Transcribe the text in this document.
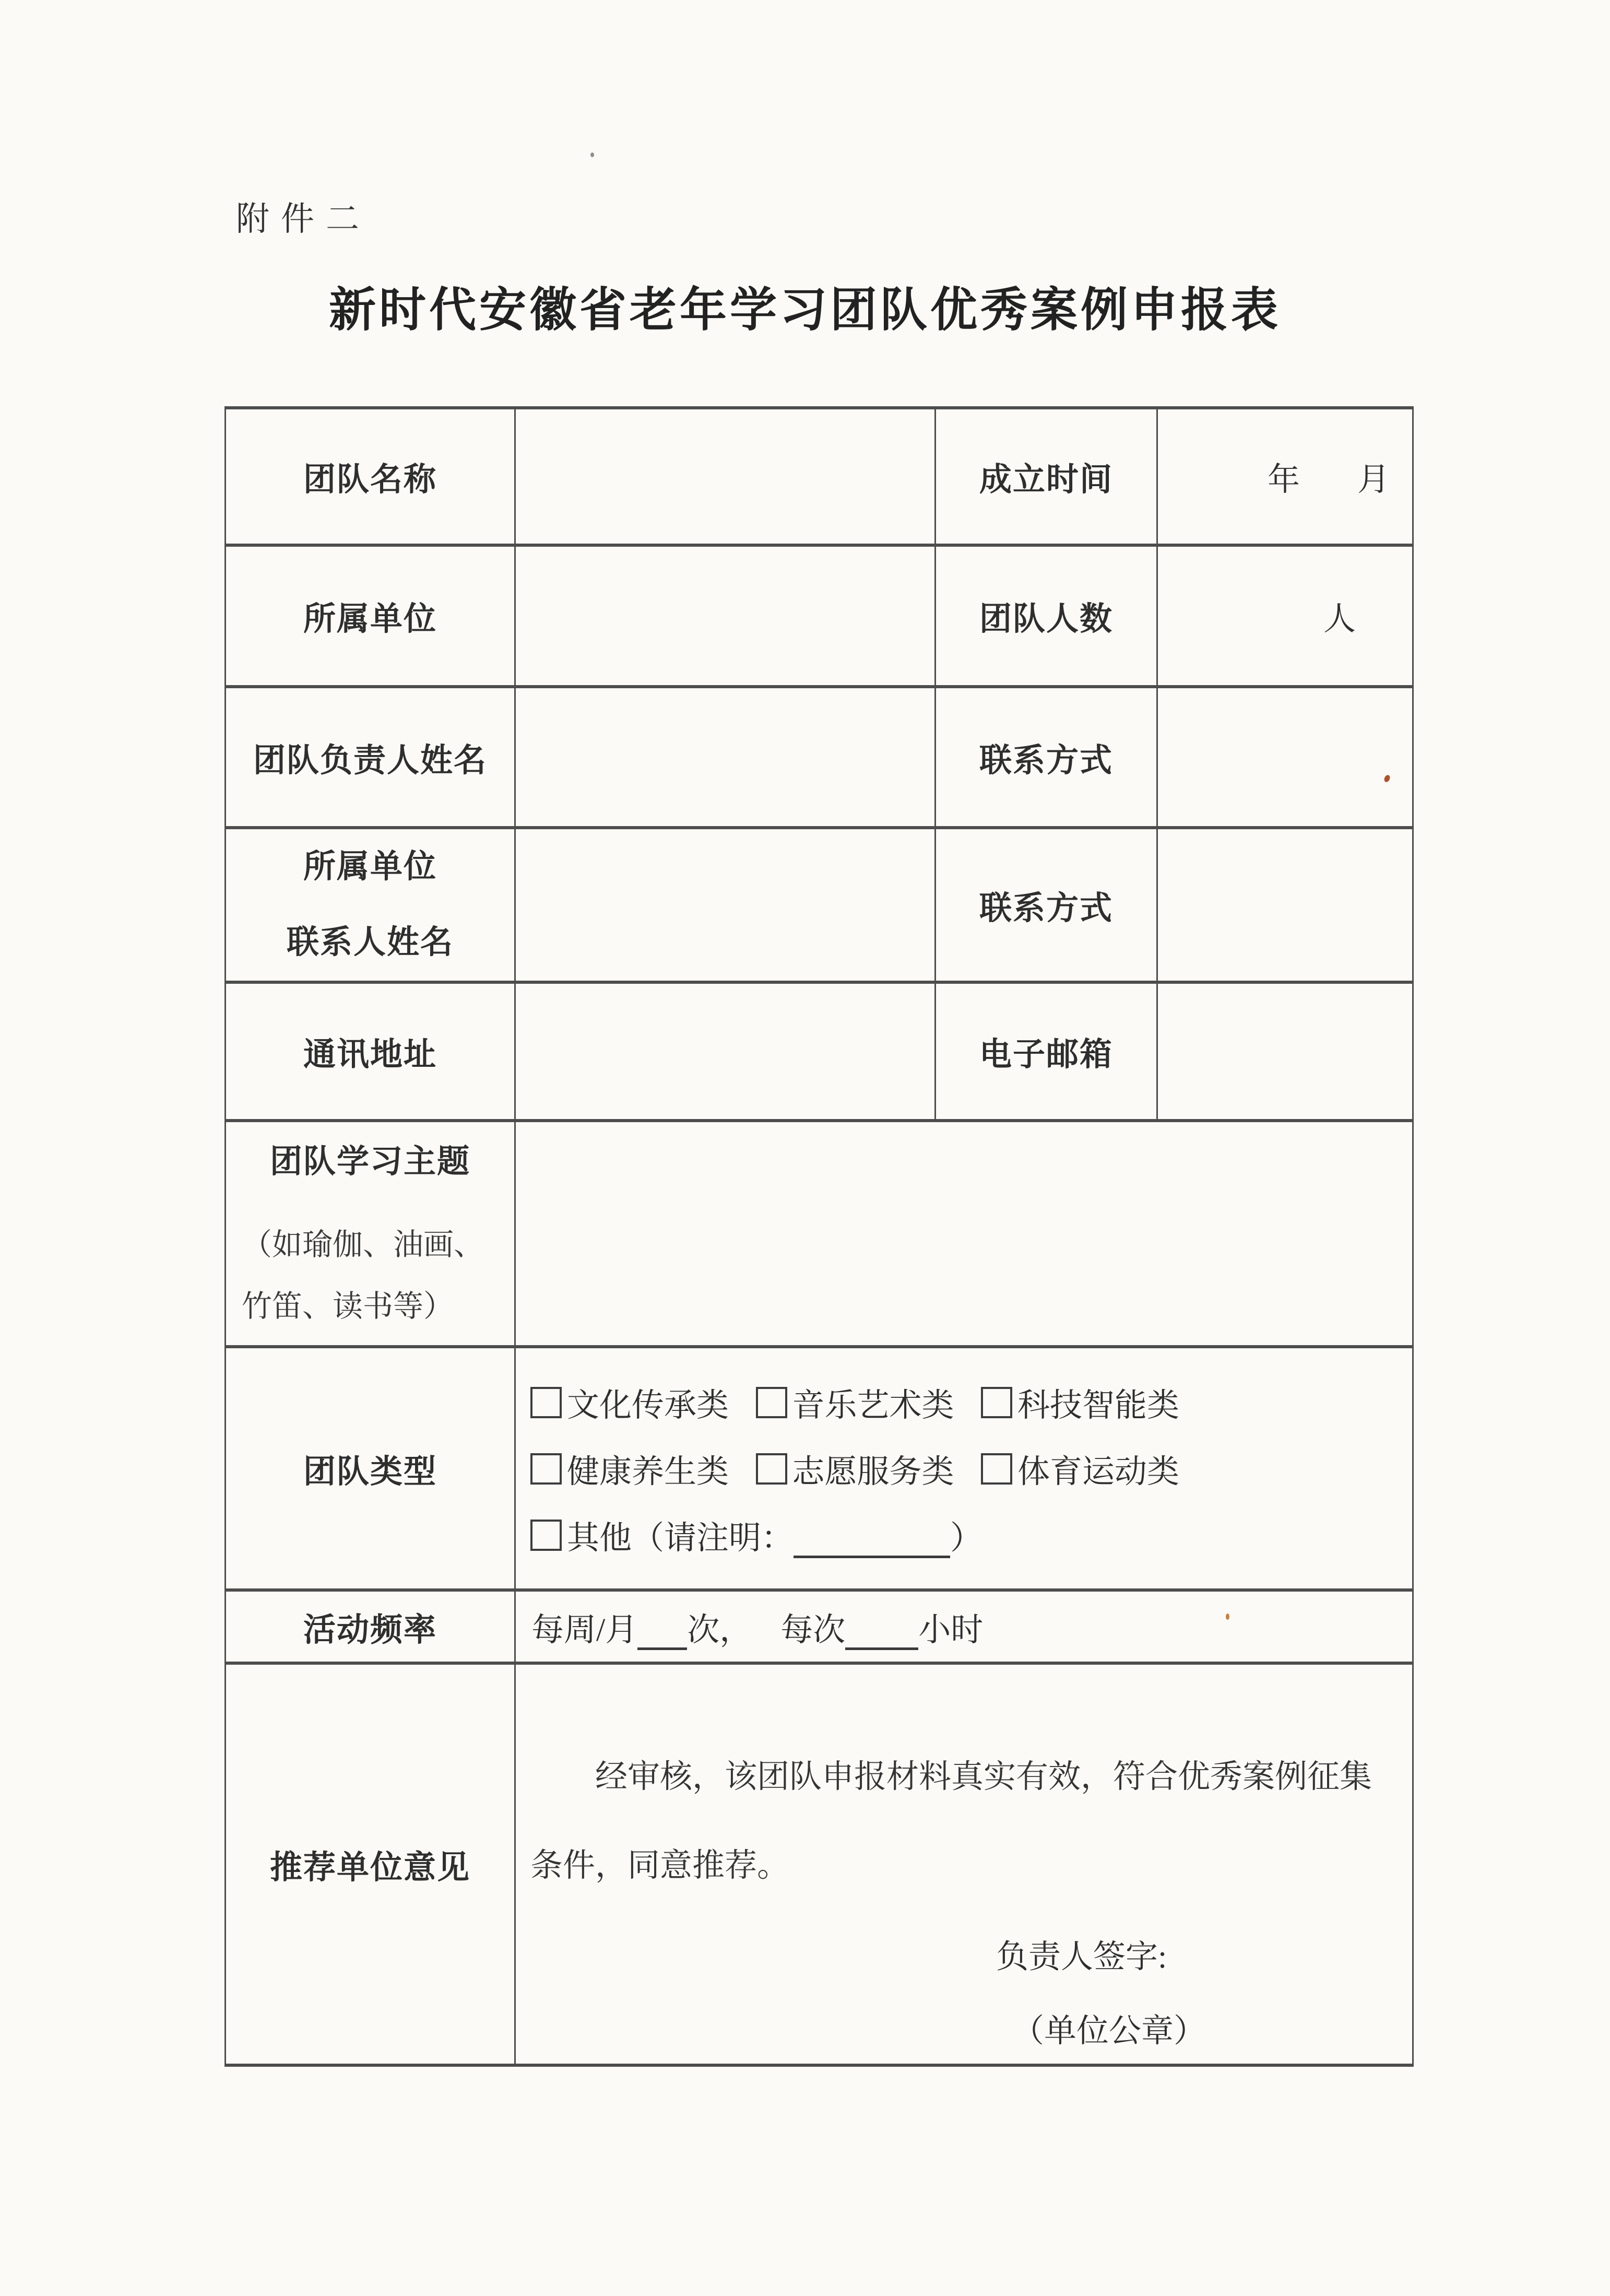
附件二
新时代安徽省老年学习团队优秀案例申报表
团队名称		成立时间	年 月
所属单位		团队人数	人
团队负责人姓名		联系方式	

所属单位
联系人姓名		联系方式	
通讯地址		电子邮箱	

团队学习主题
（如瑜伽、油画、
竹笛、读书等）			

团队类型	文化传承类 音乐艺术类 科技智能类
健康养生类 志愿服务类 体育运动类
其他（请注明： ）		

活动频率	每周/月 次， 每次 小时		
推荐单位意见	经审核，该团队申报材料真实有效，符合优秀案例征集
条件，同意推荐。
负责人签字:
（单位公章）		
